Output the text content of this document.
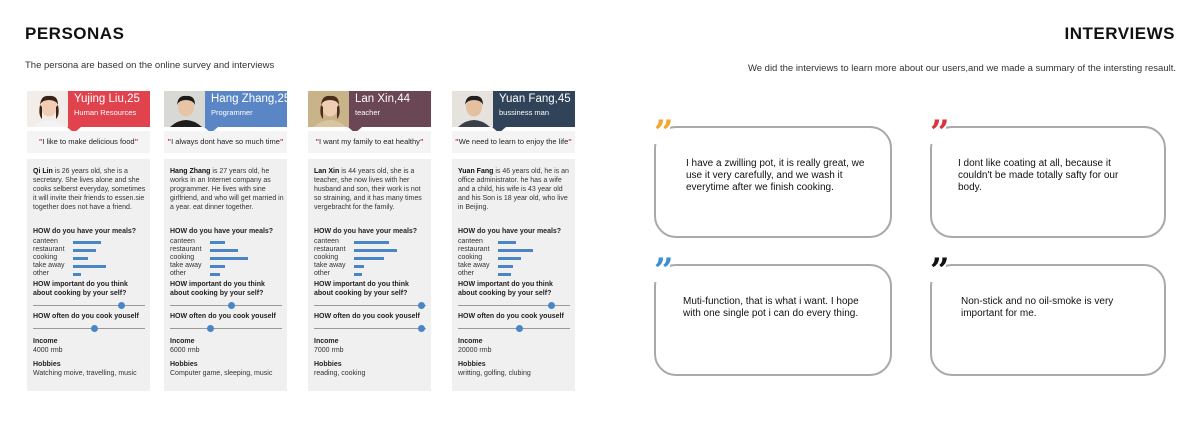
PERSONAS
The persona are based on the online survey and interviews
INTERVIEWS
We did the interviews to learn more about our users,and we made a summary of the intersting resault.
Yujing Liu,25
Human Resources
"I like to make delicious food"
Qi Lin is 26 years old, she is a secretary. She lives alone and she cooks selberst everyday, sometimes it will invite their friends to essen.sie together does not have a friend.
HOW do you have your meals?
canteen
restaurant
cooking
take away
other
HOW important do you think about cooking by your self?
HOW often do you cook youself
Income
4000 rmb
Hobbies
Watching moive, travelling, music
Hang Zhang,25
Programmer
"I always dont have so much time"
Hang Zhang is 27 years old, he works in an Internet company as programmer. He lives with sine girlfriend, and who will get married in a year. eat dinner together.
HOW do you have your meals?
canteen
restaurant
cooking
take away
other
HOW important do you think about cooking by your self?
HOW often do you cook youself
Income
6000 rmb
Hobbies
Computer game, sleeping, music
Lan Xin,44
teacher
"I want my family to eat healthy"
Lan Xin is 44 years old, she is a teacher, she now lives with her husband and son, their work is not so straining, and it has many times vergebracht for the family.
HOW do you have your meals?
canteen
restaurant
cooking
take away
other
HOW important do you think about cooking by your self?
HOW often do you cook youself
Income
7000 rmb
Hobbies
reading, cooking
Yuan Fang,45
bussiness man
"We need to learn to enjoy the life"
Yuan Fang is 46 years old, he is an office administrator. he has a wife and a child, his wife is 43 year old and his Son is 18 year old, who live in Beijing.
HOW do you have your meals?
canteen
restaurant
cooking
take away
other
HOW important do you think about cooking by your self?
HOW often do you cook youself
Income
20000 rmb
Hobbies
writting, golfing, clubing
”
I have a zwilling pot, it is really great, we use it very carefully, and we wash it everytime after we finish cooking.
”
I dont like coating at all, because it couldn't be made totally safty for our body.
”
Muti-function, that is what i want. I hope with one single pot i can do every thing.
”
Non-stick and no oil-smoke is very important for me.
